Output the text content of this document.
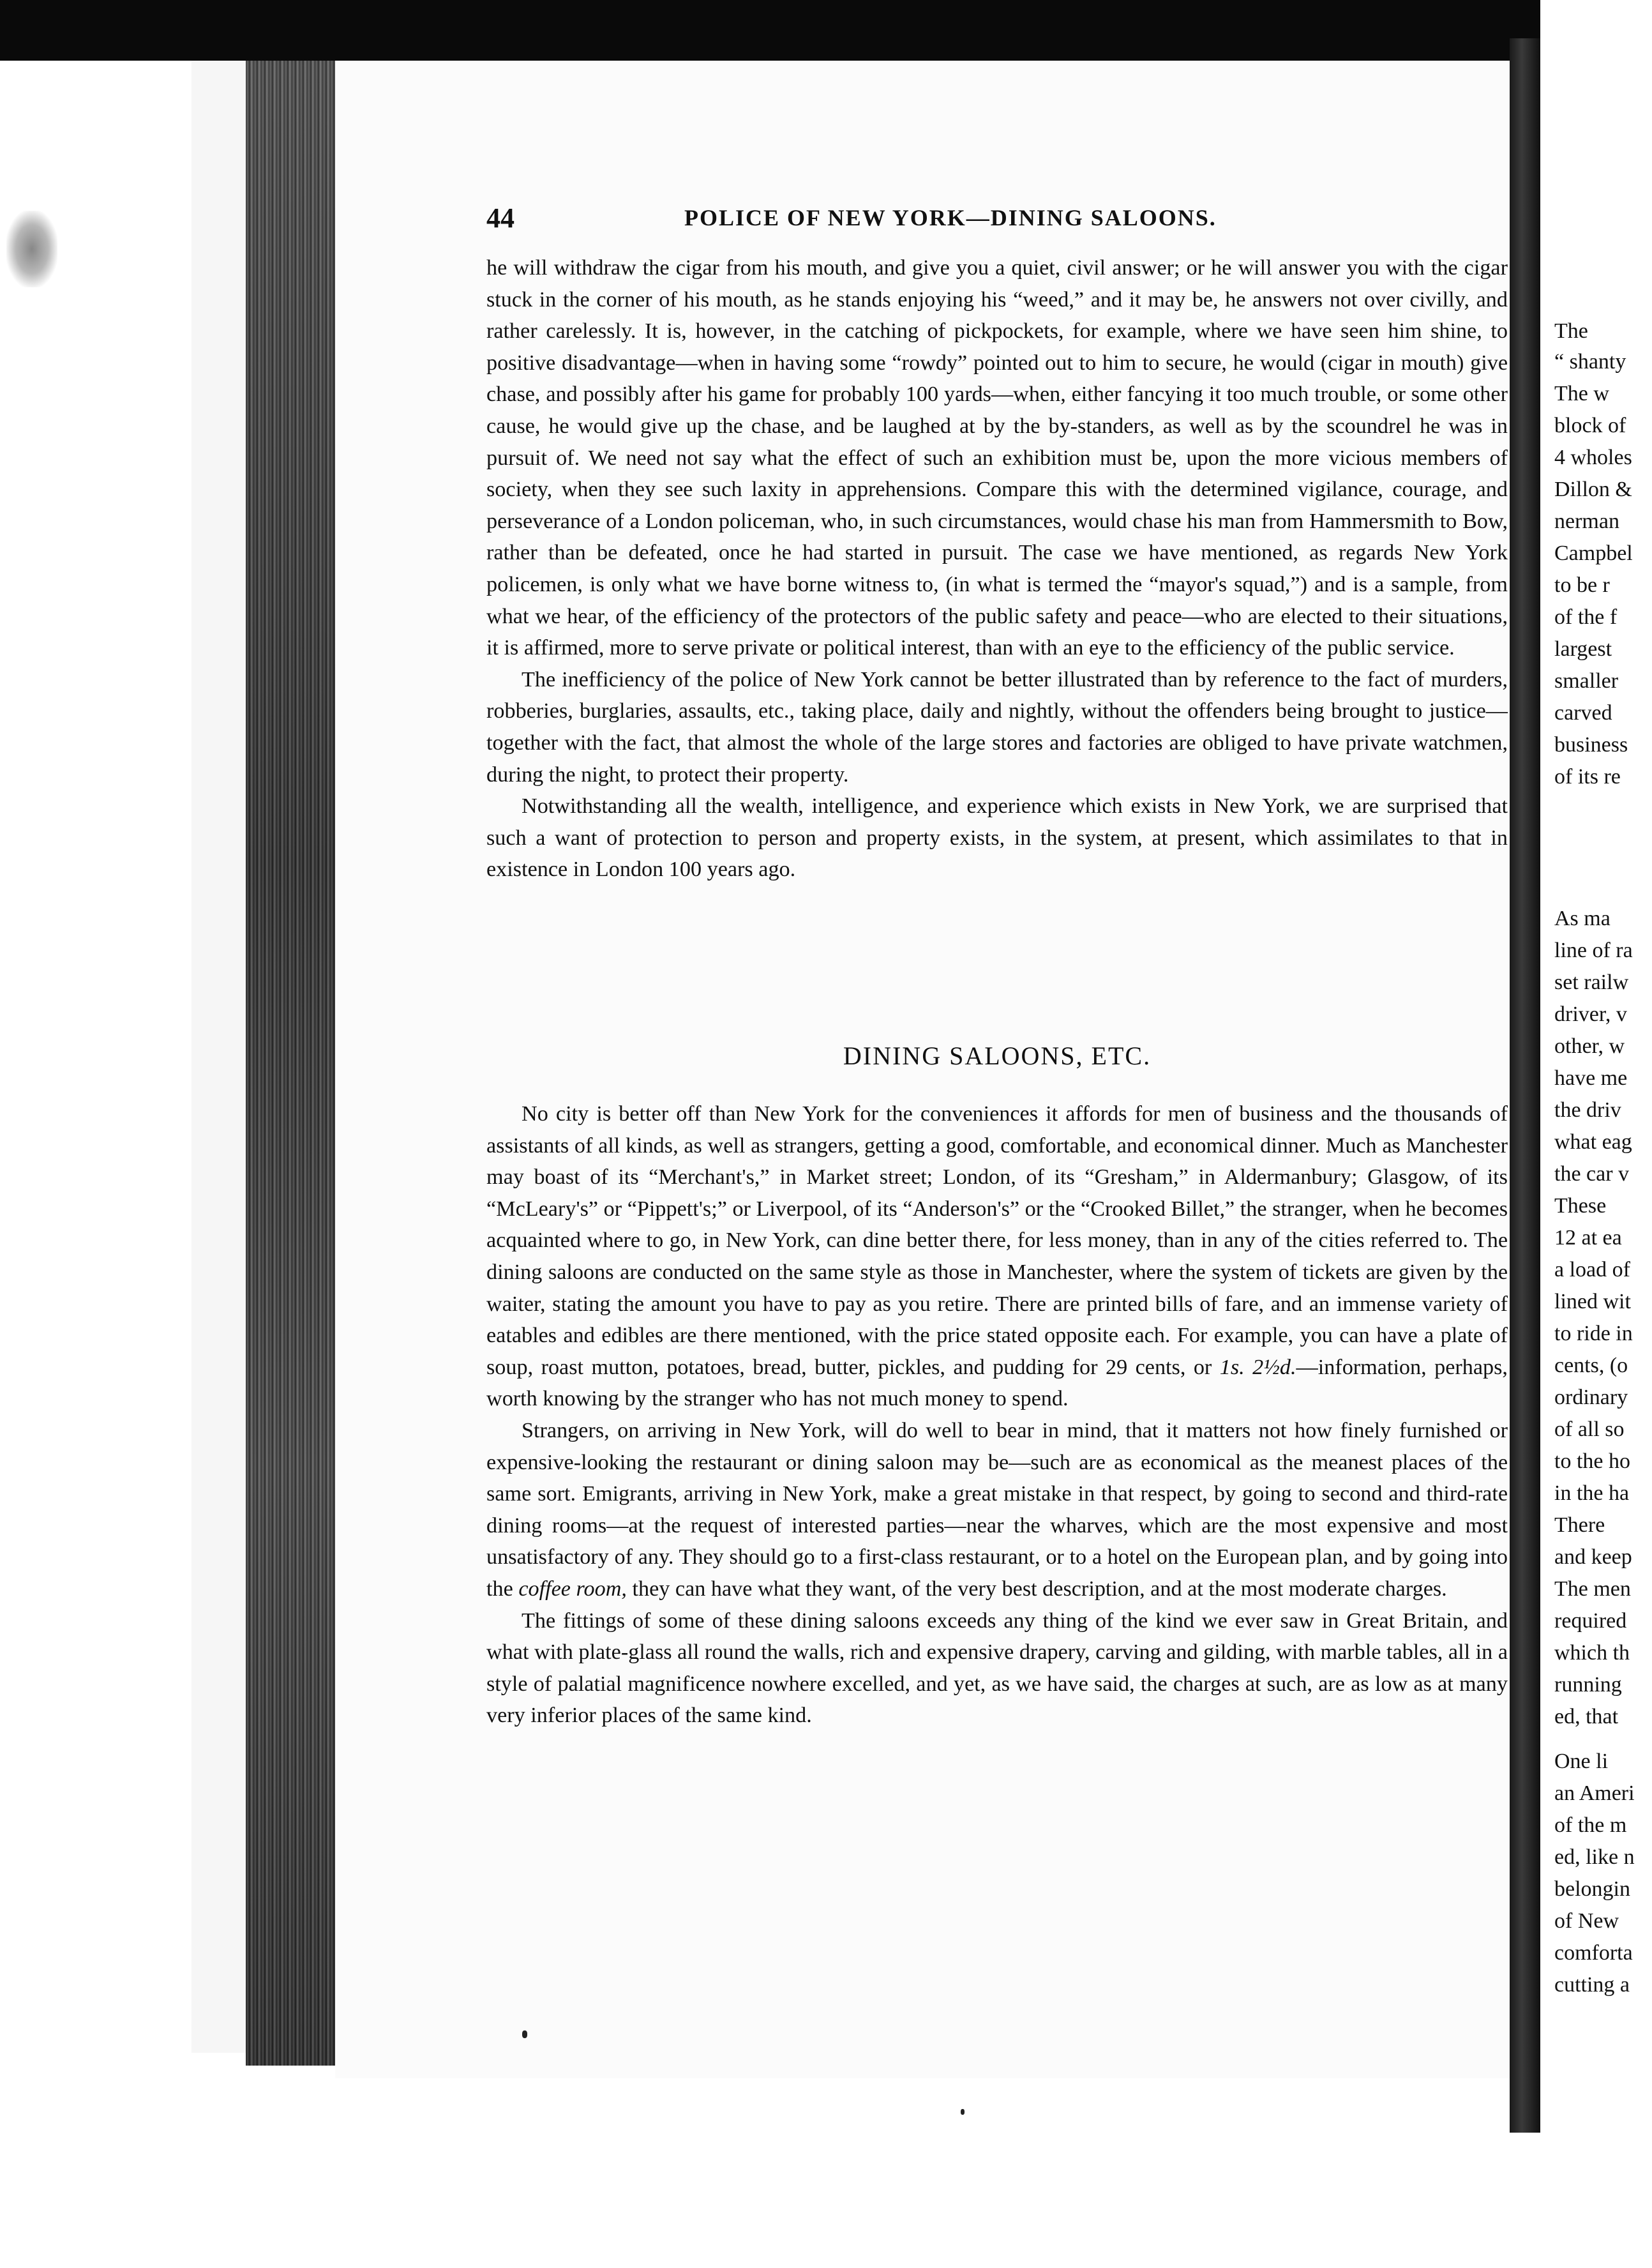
The
“ shanty
The w
block of
4 wholes
Dillon &
nerman
Campbel
to be r
of the f
largest
smaller
carved
business
of its re
As ma
line of ra
set railw
driver, v
other, w
have me
the driv
what eag
the car v
These
12 at ea
a load of
lined wit
to ride in
cents, (o
ordinary
of all so
to the ho
in the ha
There
and keep
The men
required
which th
running
ed, that
One li
an Ameri
of the m
ed, like n
belongin
of New
comforta
cutting a
44	POLICE OF NEW YORK—DINING SALOONS.

he will withdraw the cigar from his mouth, and give you a quiet, civil answer; or he will answer you with the cigar stuck in the corner of his mouth, as he stands enjoying his “weed,” and it may be, he answers not over civilly, and rather carelessly. It is, however, in the catching of pickpockets, for example, where we have seen him shine, to positive disadvantage—when in having some “rowdy” pointed out to him to secure, he would (cigar in mouth) give chase, and possibly after his game for probably 100 yards—when, either fancying it too much trouble, or some other cause, he would give up the chase, and be laughed at by the by-standers, as well as by the scoundrel he was in pursuit of. We need not say what the effect of such an exhibition must be, upon the more vicious members of society, when they see such laxity in apprehensions. Compare this with the determined vigilance, courage, and perseverance of a London policeman, who, in such circumstances, would chase his man from Hammersmith to Bow, rather than be defeated, once he had started in pursuit. The case we have mentioned, as regards New York policemen, is only what we have borne witness to, (in what is termed the “mayor's squad,”) and is a sample, from what we hear, of the efficiency of the protectors of the public safety and peace—who are elected to their situations, it is affirmed, more to serve private or political interest, than with an eye to the efficiency of the public service.

The inefficiency of the police of New York cannot be better illustrated than by reference to the fact of murders, robberies, burglaries, assaults, etc., taking place, daily and nightly, without the offenders being brought to justice—together with the fact, that almost the whole of the large stores and factories are obliged to have private watchmen, during the night, to protect their property.

Notwithstanding all the wealth, intelligence, and experience which exists in New York, we are surprised that such a want of protection to person and property exists, in the system, at present, which assimilates to that in existence in London 100 years ago.

DINING SALOONS, ETC.

No city is better off than New York for the conveniences it affords for men of business and the thousands of assistants of all kinds, as well as strangers, getting a good, comfortable, and economical dinner. Much as Manchester may boast of its “Merchant's,” in Market street; London, of its “Gresham,” in Aldermanbury; Glasgow, of its “McLeary's” or “Pippett's;” or Liverpool, of its “Anderson's” or the “Crooked Billet,” the stranger, when he becomes acquainted where to go, in New York, can dine better there, for less money, than in any of the cities referred to. The dining saloons are conducted on the same style as those in Manchester, where the system of tickets are given by the waiter, stating the amount you have to pay as you retire. There are printed bills of fare, and an immense variety of eatables and edibles are there mentioned, with the price stated opposite each. For example, you can have a plate of soup, roast mutton, potatoes, bread, butter, pickles, and pudding for 29 cents, or 1s. 2½d.—information, perhaps, worth knowing by the stranger who has not much money to spend.

Strangers, on arriving in New York, will do well to bear in mind, that it matters not how finely furnished or expensive-looking the restaurant or dining saloon may be—such are as economical as the meanest places of the same sort. Emigrants, arriving in New York, make a great mistake in that respect, by going to second and third-rate dining rooms—at the request of interested parties—near the wharves, which are the most expensive and most unsatisfactory of any. They should go to a first-class restaurant, or to a hotel on the European plan, and by going into the coffee room, they can have what they want, of the very best description, and at the most moderate charges.

The fittings of some of these dining saloons exceeds any thing of the kind we ever saw in Great Britain, and what with plate-glass all round the walls, rich and expensive drapery, carving and gilding, with marble tables, all in a style of palatial magnificence nowhere excelled, and yet, as we have said, the charges at such, are as low as at many very inferior places of the same kind.
